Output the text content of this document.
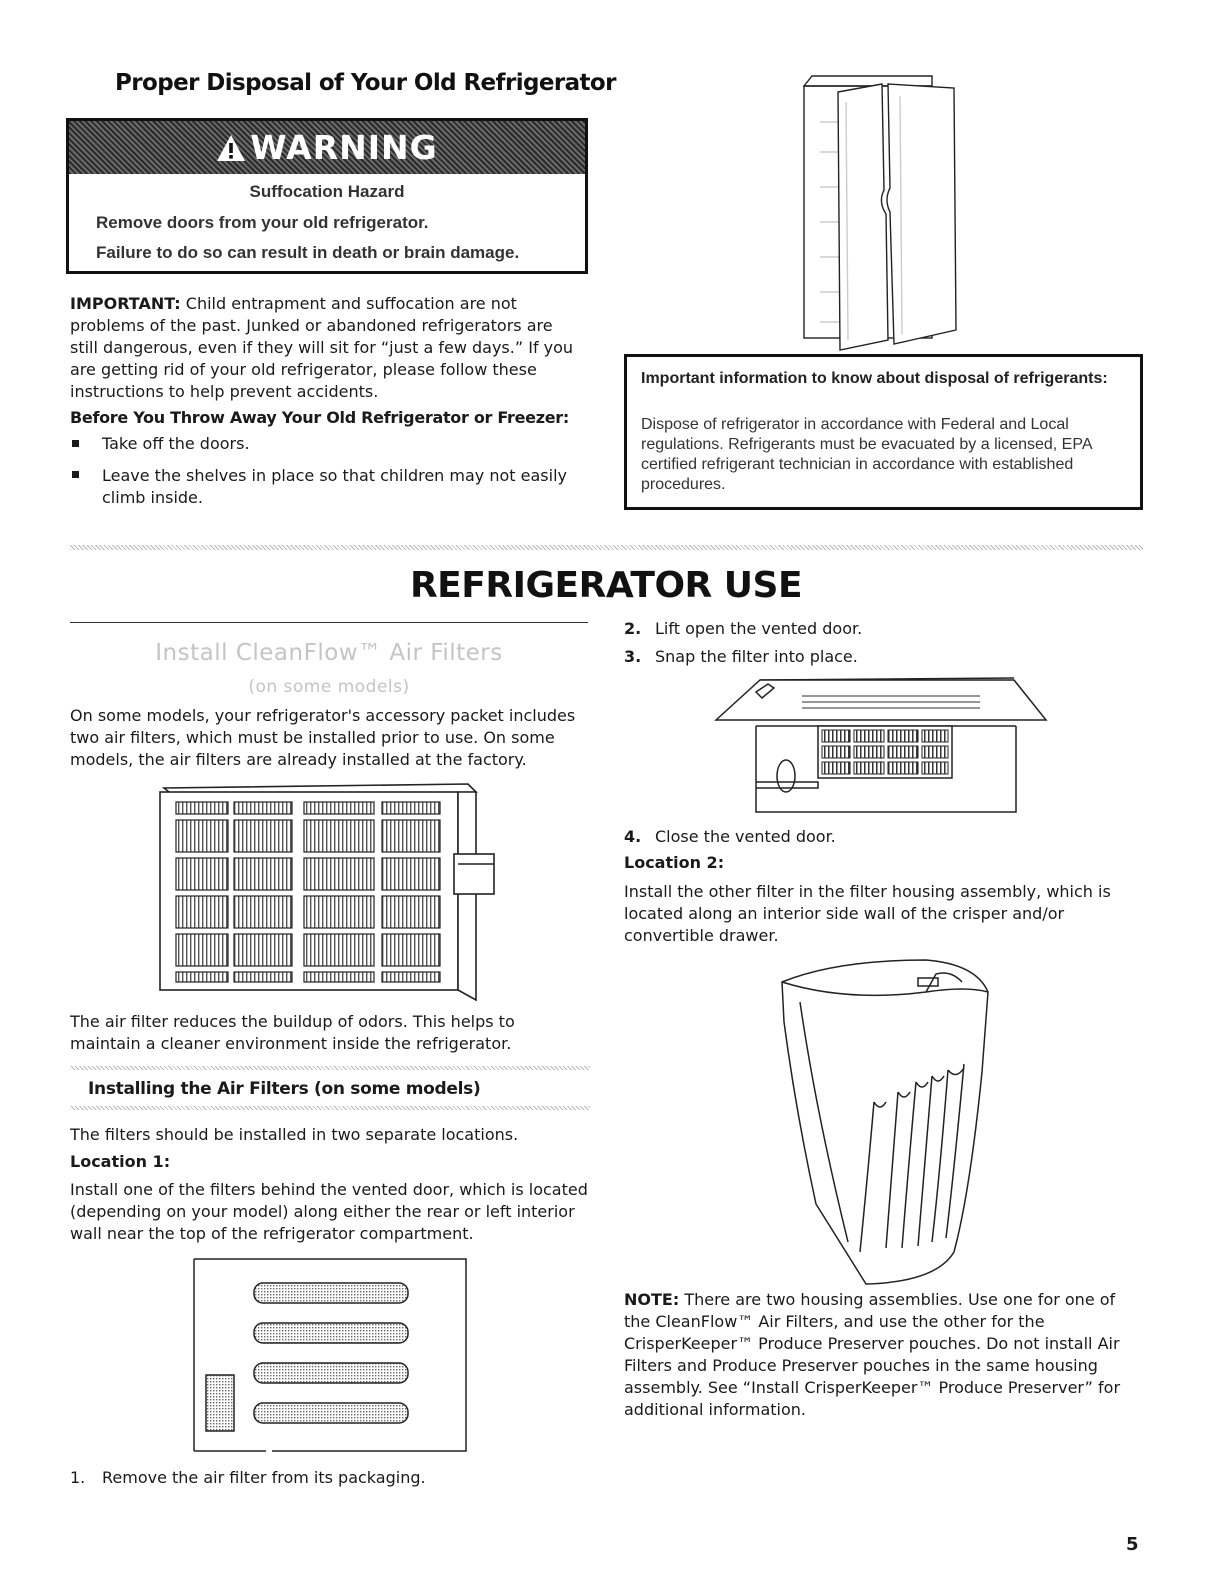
Proper Disposal of Your Old Refrigerator
WARNING
Suffocation Hazard
Remove doors from your old refrigerator.
Failure to do so can result in death or brain damage.
IMPORTANT: Child entrapment and suffocation are not problems of the past. Junked or abandoned refrigerators are still dangerous, even if they will sit for “just a few days.” If you are getting rid of your old refrigerator, please follow these instructions to help prevent accidents.
Before You Throw Away Your Old Refrigerator or Freezer:
Take off the doors.
Leave the shelves in place so that children may not easily climb inside.
Important information to know about disposal of refrigerants:
Dispose of refrigerator in accordance with Federal and Local regulations. Refrigerants must be evacuated by a licensed, EPA certified refrigerant technician in accordance with established procedures.
REFRIGERATOR USE
Install CleanFlow™ Air Filters
(on some models)
On some models, your refrigerator's accessory packet includes two air filters, which must be installed prior to use. On some models, the air filters are already installed at the factory.
The air filter reduces the buildup of odors. This helps to maintain a cleaner environment inside the refrigerator.
Installing the Air Filters (on some models)
The filters should be installed in two separate locations.
Location 1:
Install one of the filters behind the vented door, which is located (depending on your model) along either the rear or left interior wall near the top of the refrigerator compartment.
1. Remove the air filter from its packaging.
2. Lift open the vented door.
3. Snap the filter into place.
4. Close the vented door.
Location 2:
Install the other filter in the filter housing assembly, which is located along an interior side wall of the crisper and/or convertible drawer.
NOTE: There are two housing assemblies. Use one for one of the CleanFlow™ Air Filters, and use the other for the CrisperKeeper™ Produce Preserver pouches. Do not install Air Filters and Produce Preserver pouches in the same housing assembly. See “Install CrisperKeeper™ Produce Preserver” for additional information.
5
